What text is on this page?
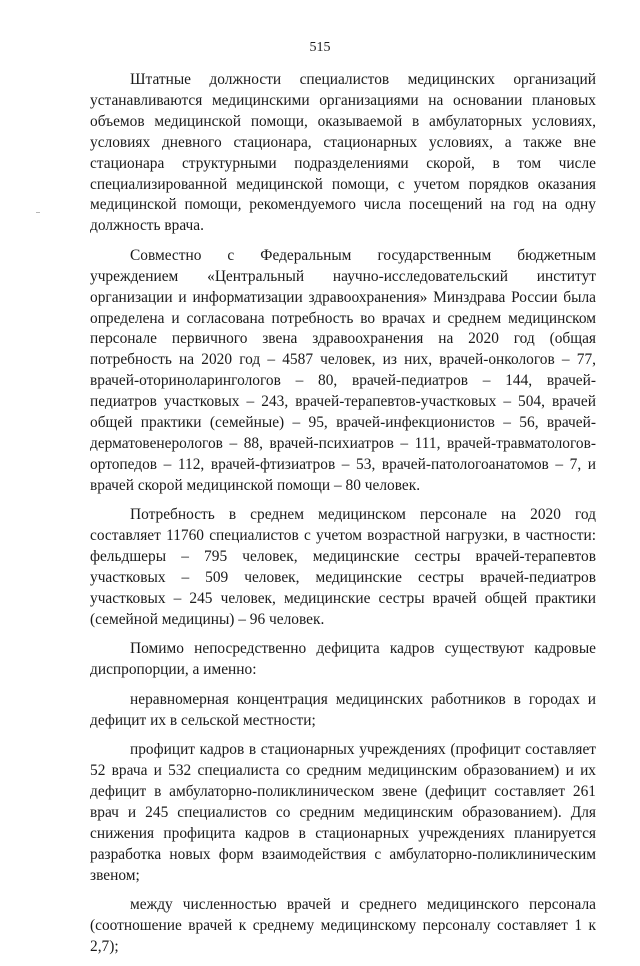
515

Штатные должности специалистов медицинских организаций устанавливаются медицинскими организациями на основании плановых объемов медицинской помощи, оказываемой в амбулаторных условиях, условиях дневного стационара, стационарных условиях, а также вне стационара структурными подразделениями скорой, в том числе специализированной медицинской помощи, с учетом порядков оказания медицинской помощи, рекомендуемого числа посещений на год на одну должность врача.

Совместно с Федеральным государственным бюджетным учреждением «Центральный научно-исследовательский институт организации и информатизации здравоохранения» Минздрава России была определена и согласована потребность во врачах и среднем медицинском персонале первичного звена здравоохранения на 2020 год (общая потребность на 2020 год – 4587 человек, из них, врачей-онкологов – 77, врачей-оториноларингологов – 80, врачей-педиатров – 144, врачей-педиатров участковых – 243, врачей-терапевтов-участковых – 504, врачей общей практики (семейные) – 95, врачей-инфекционистов – 56, врачей-дерматовенерологов – 88, врачей-психиатров – 111, врачей-травматологов-ортопедов – 112, врачей-фтизиатров – 53, врачей-патологоанатомов – 7, и врачей скорой медицинской помощи – 80 человек.

Потребность в среднем медицинском персонале на 2020 год составляет 11760 специалистов с учетом возрастной нагрузки, в частности: фельдшеры – 795 человек, медицинские сестры врачей-терапевтов участковых – 509 человек, медицинские сестры врачей-педиатров участковых – 245 человек, медицинские сестры врачей общей практики (семейной медицины) – 96 человек.

Помимо непосредственно дефицита кадров существуют кадровые диспропорции, а именно:

неравномерная концентрация медицинских работников в городах и дефицит их в сельской местности;

профицит кадров в стационарных учреждениях (профицит составляет 52 врача и 532 специалиста со средним медицинским образованием) и их дефицит в амбулаторно-поликлиническом звене (дефицит составляет 261 врач и 245 специалистов со средним медицинским образованием). Для снижения профицита кадров в стационарных учреждениях планируется разработка новых форм взаимодействия с амбулаторно-поликлиническим звеном;

между численностью врачей и среднего медицинского персонала (соотношение врачей к среднему медицинскому персоналу составляет 1 к 2,7);
